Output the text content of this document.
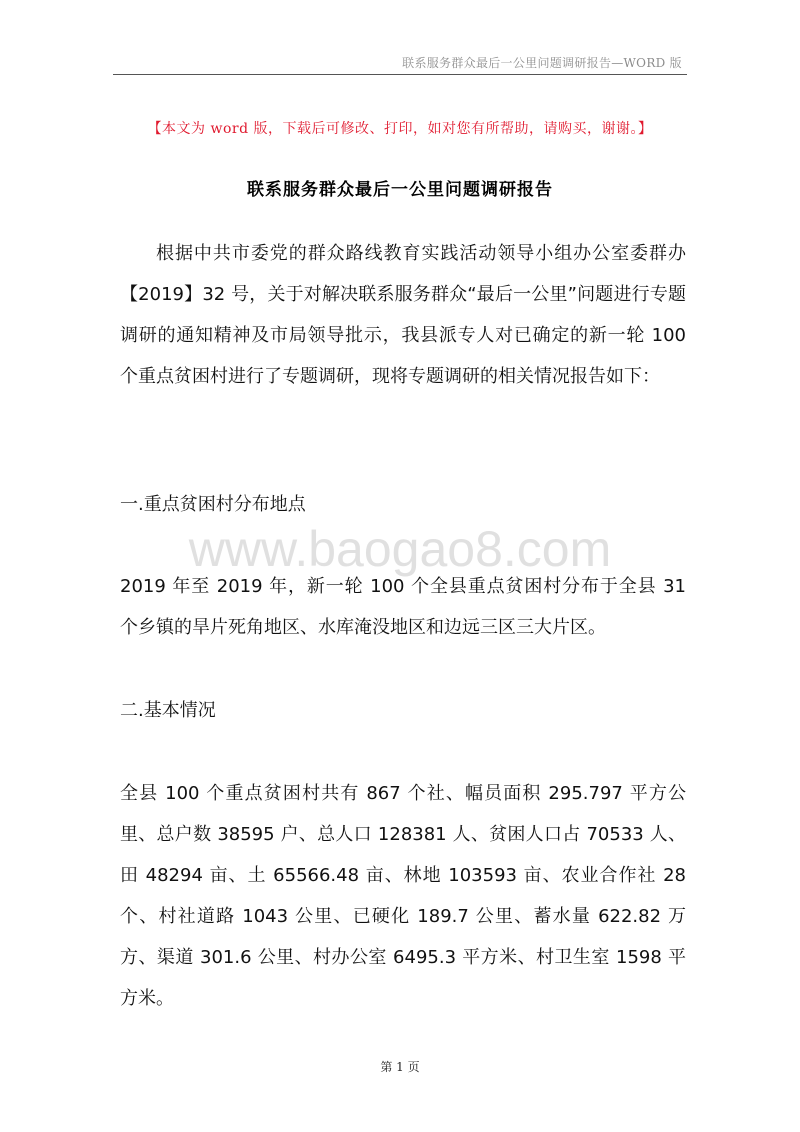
联系服务群众最后一公里问题调研报告—WORD 版
【本文为 word 版，下载后可修改、打印，如对您有所帮助，请购买，谢谢。】
联系服务群众最后一公里问题调研报告

根据中共市委党的群众路线教育实践活动领导小组办公室委群办【2019】32 号，关于对解决联系服务群众“最后一公里”问题进行专题调研的通知精神及市局领导批示，我县派专人对已确定的新一轮 100 个重点贫困村进行了专题调研，现将专题调研的相关情况报告如下：

一.重点贫困村分布地点

www.baogao8.com

2019 年至 2019 年，新一轮 100 个全县重点贫困村分布于全县 31 个乡镇的旱片死角地区、水库淹没地区和边远三区三大片区。

二.基本情况

全县 100 个重点贫困村共有 867 个社、幅员面积 295.797 平方公里、总户数 38595 户、总人口 128381 人、贫困人口占 70533 人、田 48294 亩、土 65566.48 亩、林地 103593 亩、农业合作社 28 个、村社道路 1043 公里、已硬化 189.7 公里、蓄水量 622.82 万方、渠道 301.6 公里、村办公室 6495.3 平方米、村卫生室 1598 平方米。

第 1 页
